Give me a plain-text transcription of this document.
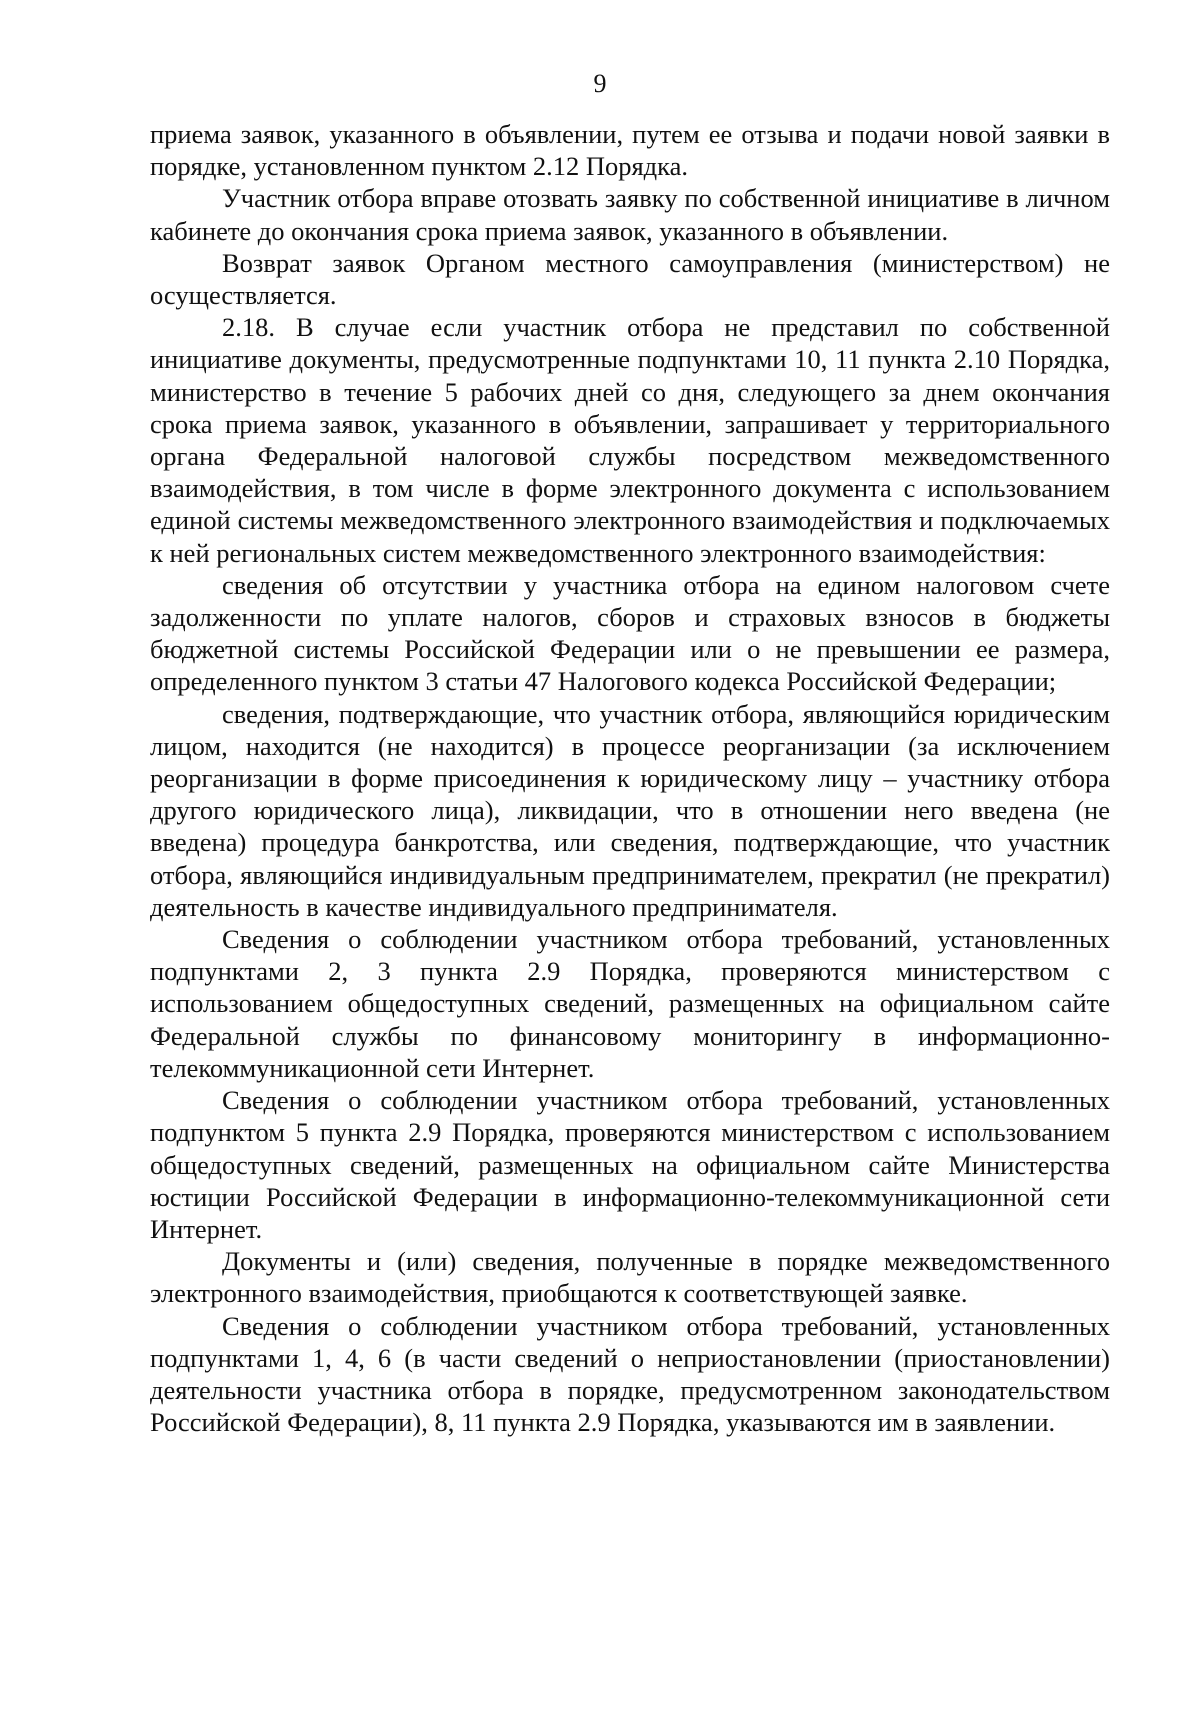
9

приема заявок, указанного в объявлении, путем ее отзыва и подачи новой заявки в порядке, установленном пунктом 2.12 Порядка.

Участник отбора вправе отозвать заявку по собственной инициативе в личном кабинете до окончания срока приема заявок, указанного в объявлении.

Возврат заявок Органом местного самоуправления (министерством) не осуществляется.

2.18. В случае если участник отбора не представил по собственной инициативе документы, предусмотренные подпунктами 10, 11 пункта 2.10 Порядка, министерство в течение 5 рабочих дней со дня, следующего за днем окончания срока приема заявок, указанного в объявлении, запрашивает у территориального органа Федеральной налоговой службы посредством межведомственного взаимодействия, в том числе в форме электронного документа с использованием единой системы межведомственного электронного взаимодействия и подключаемых к ней региональных систем межведомственного электронного взаимодействия:

сведения об отсутствии у участника отбора на едином налоговом счете задолженности по уплате налогов, сборов и страховых взносов в бюджеты бюджетной системы Российской Федерации или о не превышении ее размера, определенного пунктом 3 статьи 47 Налогового кодекса Российской Федерации;

сведения, подтверждающие, что участник отбора, являющийся юридическим лицом, находится (не находится) в процессе реорганизации (за исключением реорганизации в форме присоединения к юридическому лицу – участнику отбора другого юридического лица), ликвидации, что в отношении него введена (не введена) процедура банкротства, или сведения, подтверждающие, что участник отбора, являющийся индивидуальным предпринимателем, прекратил (не прекратил) деятельность в качестве индивидуального предпринимателя.

Сведения о соблюдении участником отбора требований, установленных подпунктами 2, 3 пункта 2.9 Порядка, проверяются министерством с использованием общедоступных сведений, размещенных на официальном сайте Федеральной службы по финансовому мониторингу в информационно-телекоммуникационной сети Интернет.

Сведения о соблюдении участником отбора требований, установленных подпунктом 5 пункта 2.9 Порядка, проверяются министерством с использованием общедоступных сведений, размещенных на официальном сайте Министерства юстиции Российской Федерации в информационно-телекоммуникационной сети Интернет.

Документы и (или) сведения, полученные в порядке межведомственного электронного взаимодействия, приобщаются к соответствующей заявке.

Сведения о соблюдении участником отбора требований, установленных подпунктами 1, 4, 6 (в части сведений о неприостановлении (приостановлении) деятельности участника отбора в порядке, предусмотренном законодательством Российской Федерации), 8, 11 пункта 2.9 Порядка, указываются им в заявлении.
